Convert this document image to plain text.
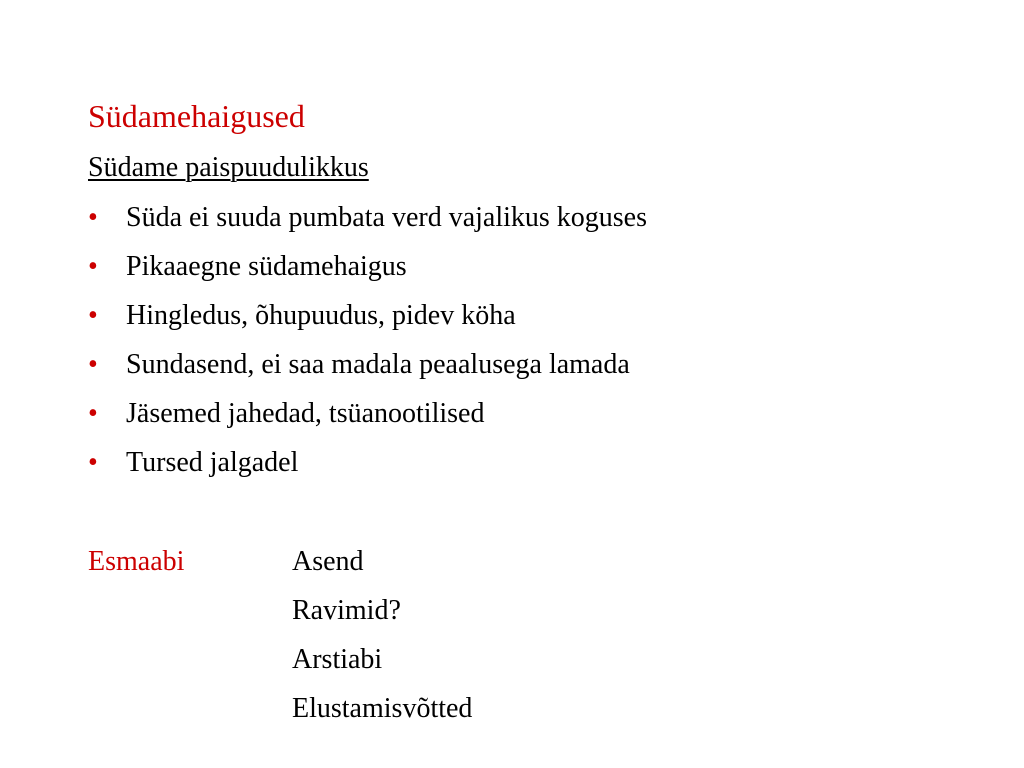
Südamehaigused
Südame paispuudulikkus
•	Süda ei suuda pumbata verd vajalikus koguses
•	Pikaaegne südamehaigus
•	Hingledus, õhupuudus, pidev köha
•	Sundasend, ei saa madala peaalusega lamada
•	Jäsemed jahedad, tsüanootilised
•	Tursed jalgadel
Esmaabi	Asend
Ravimid?
Arstiabi
Elustamisvõtted
